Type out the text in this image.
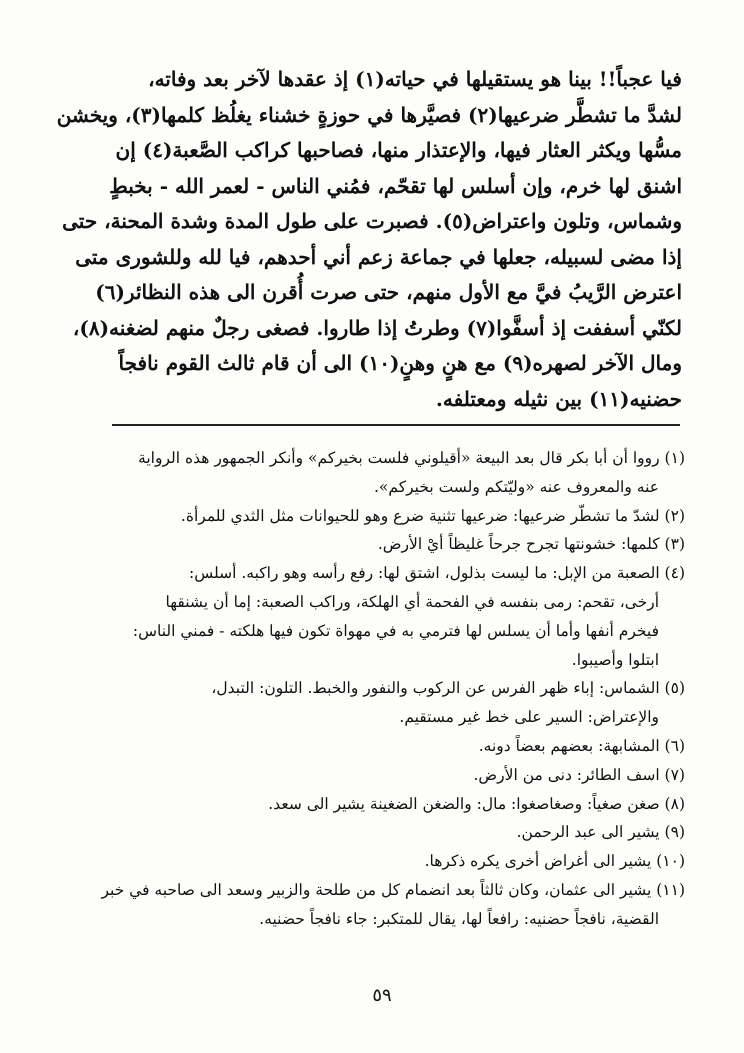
فيا عجباً!! بينا هو يستقيلها في حياته(١) إذ عقدها لآخر بعد وفاته،
لشدَّ ما تشطَّر ضرعيها(٢) فصيَّرها في حوزةٍ خشناء يغلُظ كلمها(٣)، ويخشن
مسُّها ويكثر العثار فيها، والإعتذار منها، فصاحبها كراكب الصَّعبة(٤) إن
اشنق لها خرم، وإن أسلس لها تقحّم، فمُني الناس - لعمر الله - بخبطٍ
وشماس، وتلون واعتراض(٥). فصبرت على طول المدة وشدة المحنة، حتى
إذا مضى لسبيله، جعلها في جماعة زعم أني أحدهم، فيا لله وللشورى متى
اعترض الرَّيبُ فيَّ مع الأول منهم، حتى صرت أُقرن الى هذه النظائر(٦)
لكنّي أسففت إذ أسفَّوا(٧) وطرتُ إذا طاروا. فصغى رجلٌ منهم لضغنه(٨)،
ومال الآخر لصهره(٩) مع هنٍ وهنٍ(١٠) الى أن قام ثالث القوم نافجاً
حضنيه(١١) بين نثيله ومعتلفه.
(١) رووا أن أبا بكر قال بعد البيعة «أقيلوني فلست بخيركم» وأنكر الجمهور هذه الرواية
عنه والمعروف عنه «وليّتكم ولست بخيركم».
(٢) لشدّ ما تشطّر ضرعيها: ضرعيها تثنية ضرع وهو للحيوانات مثل الثدي للمرأة.
(٣) كلمها: خشونتها تجرح جرحاً غليظاً أيْ الأرض.
(٤) الصعبة من الإبل: ما ليست بذلول، اشتق لها: رفع رأسه وهو راكبه. أسلس:
أرخى، تقحم: رمى بنفسه في الفحمة أي الهلكة، وراكب الصعبة: إما أن يشنقها
فيخرم أنفها وأما أن يسلس لها فترمي به في مهواة تكون فيها هلكته - فمني الناس:
ابتلوا وأصيبوا.
(٥) الشماس: إباء ظهر الفرس عن الركوب والنفور والخبط. التلون: التبدل،
والإعتراض: السير على خط غير مستقيم.
(٦) المشابهة: بعضهم بعضاً دونه.
(٧) اسف الطائر: دنى من الأرض.
(٨) صغن صغياً: وصغاصغوا: مال: والضغن الضغينة يشير الى سعد.
(٩) يشير الى عبد الرحمن.
(١٠) يشير الى أغراض أخرى يكره ذكرها.
(١١) يشير الى عثمان، وكان ثالثاً بعد انضمام كل من طلحة والزبير وسعد الى صاحبه في خبر
القضية، نافجاً حضنيه: رافعاً لها، يقال للمتكبر: جاء نافجاً حضنيه.
٥٩
